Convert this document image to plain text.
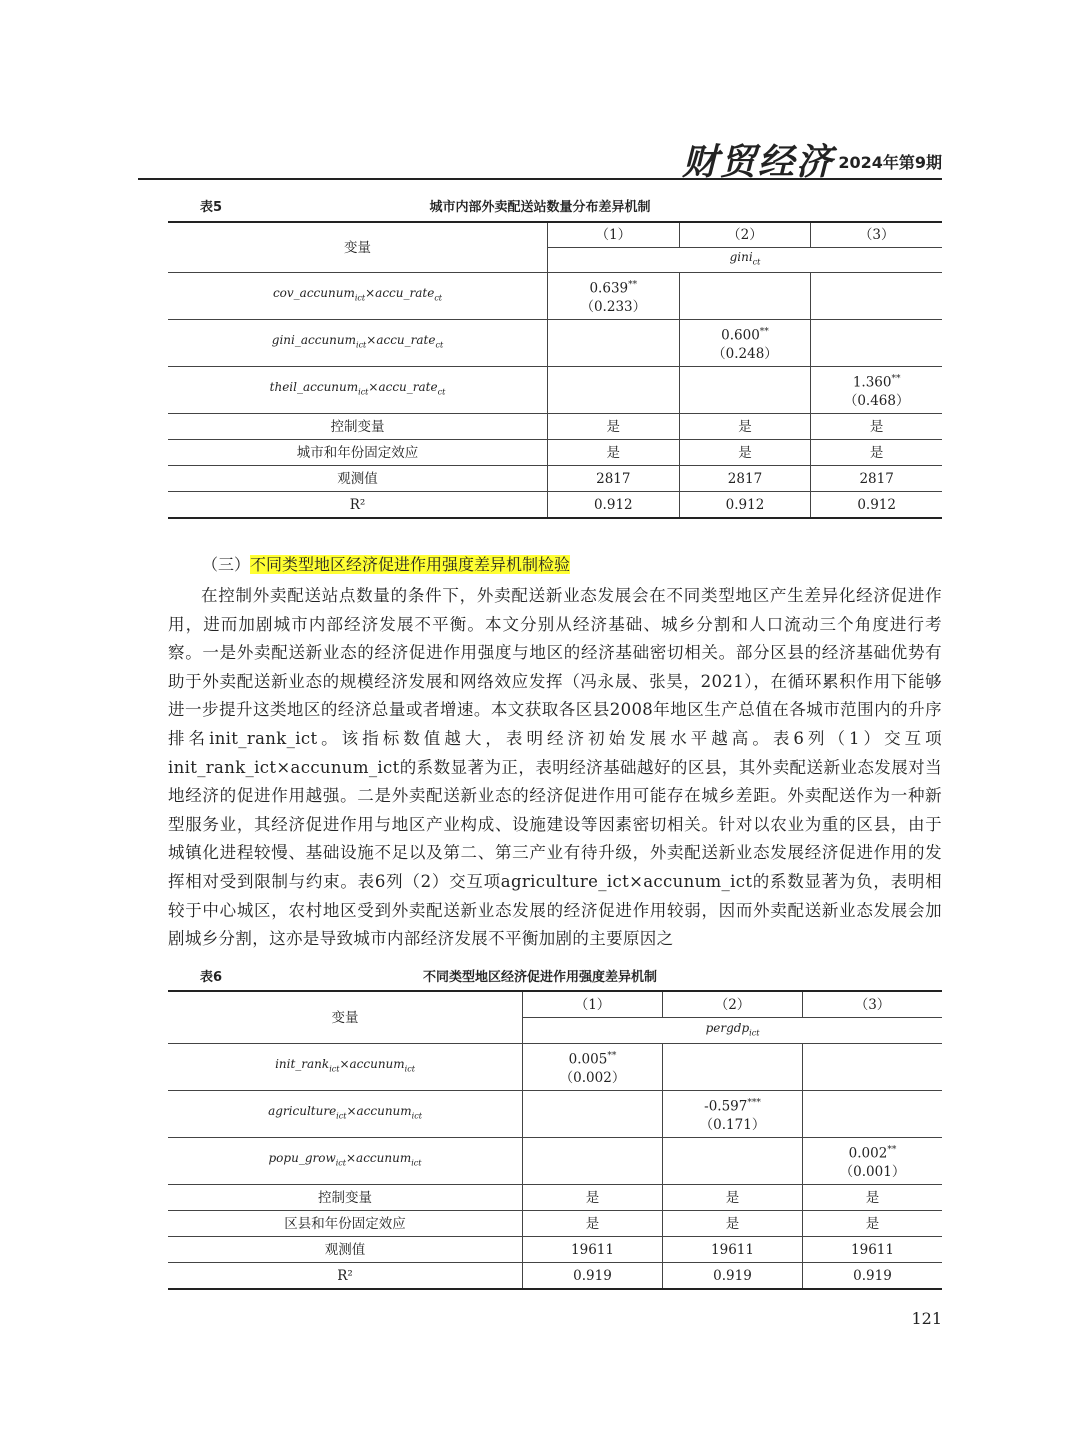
财贸经济 2024年第9期
表5	城市内部外卖配送站数量分布差异机制
变量	（1）	（2）	（3）
	gini$_{ct}$
cov_accunum$_{ict}$×accu_rate$_{ct}$	0.639**
（0.233）		

gini_accunum$_{ict}$×accu_rate$_{ct}$		0.600**
（0.248）	

theil_accunum$_{ict}$×accu_rate$_{ct}$			1.360**
（0.468）

控制变量	是	是	是
城市和年份固定效应	是	是	是
观测值	2817	2817	2817
R²	0.912	0.912	0.912
（三）不同类型地区经济促进作用强度差异机制检验

在控制外卖配送站点数量的条件下，外卖配送新业态发展会在不同类型地区产生差异化经济促进作用，进而加剧城市内部经济发展不平衡。本文分别从经济基础、城乡分割和人口流动三个角度进行考察。一是外卖配送新业态的经济促进作用强度与地区的经济基础密切相关。部分区县的经济基础优势有助于外卖配送新业态的规模经济发展和网络效应发挥（冯永晟、张昊，2021），在循环累积作用下能够进一步提升这类地区的经济总量或者增速。本文获取各区县2008年地区生产总值在各城市范围内的升序排名init_rank_ict。该指标数值越大，表明经济初始发展水平越高。表6列（1）交互项init_rank_ict×accunum_ict的系数显著为正，表明经济基础越好的区县，其外卖配送新业态发展对当地经济的促进作用越强。二是外卖配送新业态的经济促进作用可能存在城乡差距。外卖配送作为一种新型服务业，其经济促进作用与地区产业构成、设施建设等因素密切相关。针对以农业为重的区县，由于城镇化进程较慢、基础设施不足以及第二、第三产业有待升级，外卖配送新业态发展经济促进作用的发挥相对受到限制与约束。表6列（2）交互项agriculture_ict×accunum_ict的系数显著为负，表明相较于中心城区，农村地区受到外卖配送新业态发展的经济促进作用较弱，因而外卖配送新业态发展会加剧城乡分割，这亦是导致城市内部经济发展不平衡加剧的主要原因之

表6	不同类型地区经济促进作用强度差异机制
变量	（1）	（2）	（3）
	pergdp$_{ict}$
init_rank$_{ict}$×accunum$_{ict}$	0.005**
（0.002）		

agriculture$_{ict}$×accunum$_{ict}$		-0.597***
（0.171）	

popu_grow$_{ict}$×accunum$_{ict}$			0.002**
（0.001）

控制变量	是	是	是
区县和年份固定效应	是	是	是
观测值	19611	19611	19611
R²	0.919	0.919	0.919
121
